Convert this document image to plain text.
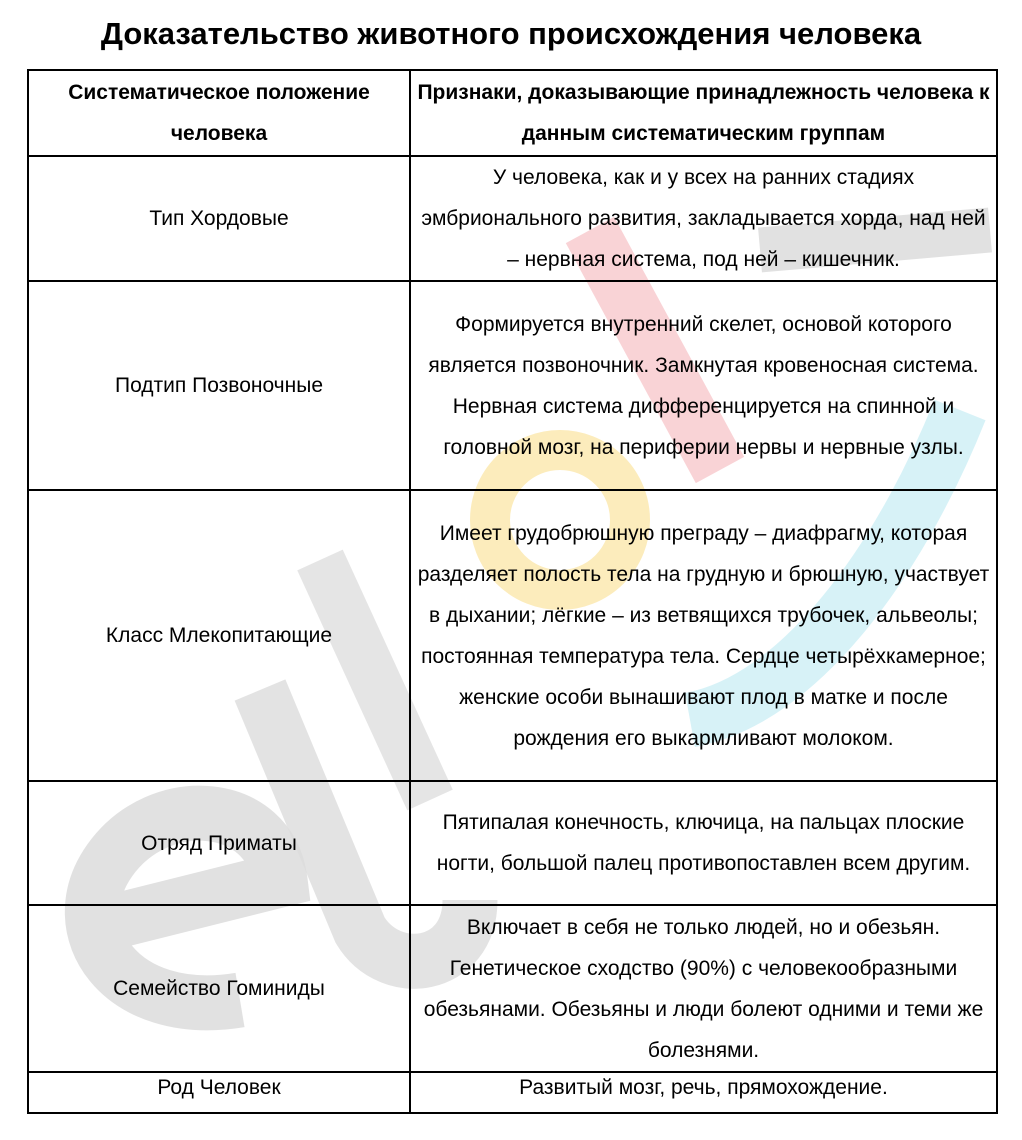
Доказательство животного происхождения человека
Систематическое положение человека	Признаки, доказывающие принадлежность человека к данным систематическим группам
Тип Хордовые	У человека, как и у всех на ранних стадиях эмбрионального развития, закладывается хорда, над ней – нервная система, под ней – кишечник.
Подтип Позвоночные	Формируется внутренний скелет, основой которого является позвоночник. Замкнутая кровеносная система. Нервная система дифференцируется на спинной и головной мозг, на периферии нервы и нервные узлы.
Класс Млекопитающие	Имеет грудобрюшную преграду – диафрагму, которая разделяет полость тела на грудную и брюшную, участвует в дыхании; лёгкие – из ветвящихся трубочек, альвеолы; постоянная температура тела. Сердце четырёхкамерное; женские особи вынашивают плод в матке и после рождения его выкармливают молоком.
Отряд Приматы	Пятипалая конечность, ключица, на пальцах плоские ногти, большой палец противопоставлен всем другим.
Семейство Гоминиды	Включает в себя не только людей, но и обезьян. Генетическое сходство (90%) с человекообразными обезьянами. Обезьяны и люди болеют одними и теми же болезнями.
Род Человек	Развитый мозг, речь, прямохождение.
